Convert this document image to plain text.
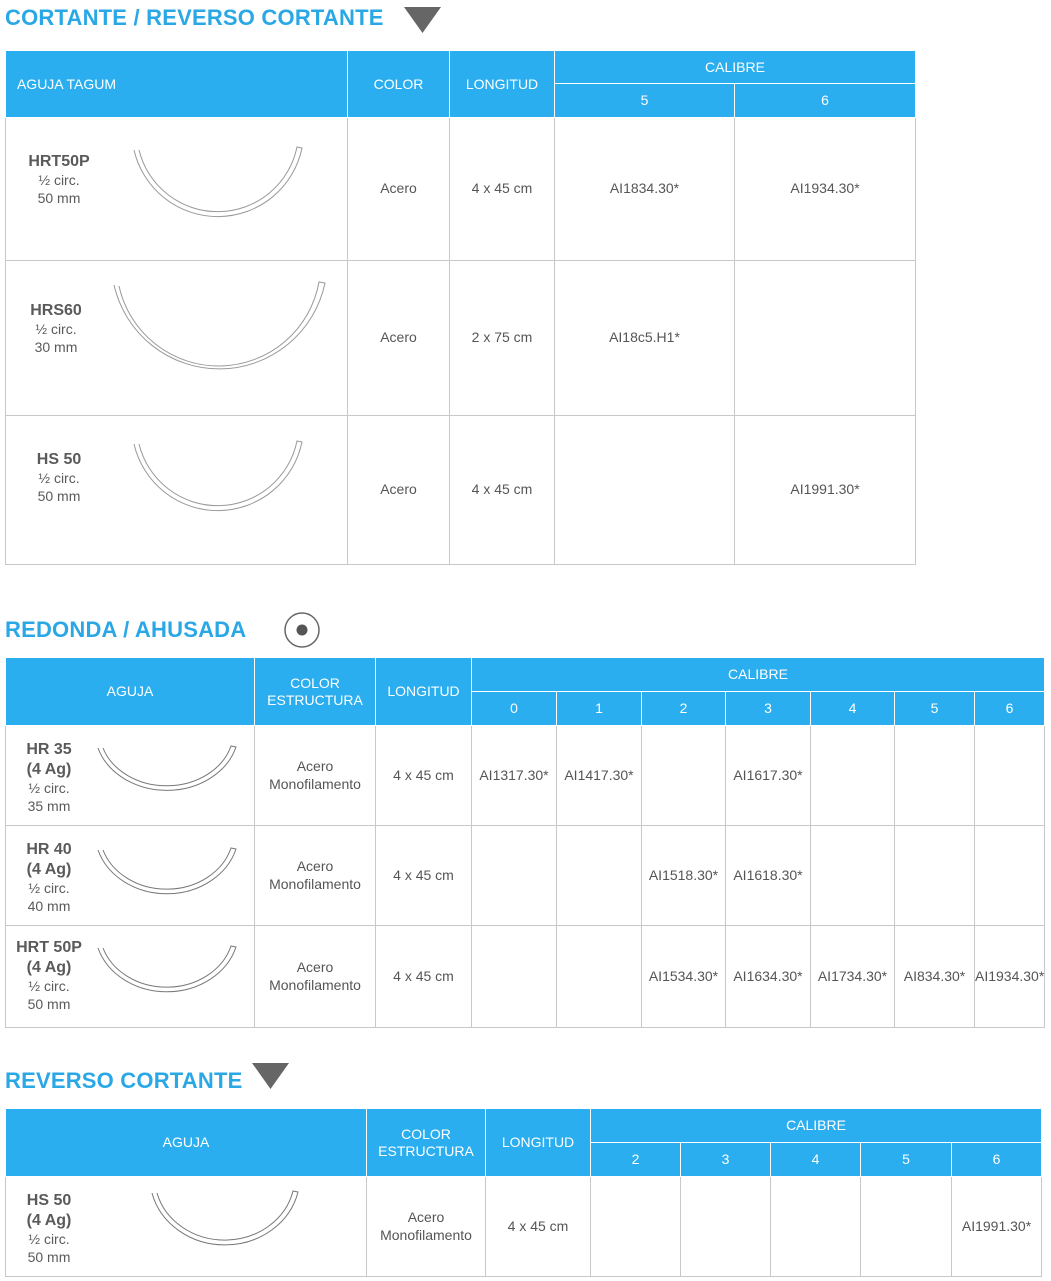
CORTANTE / REVERSO CORTANTE
AGUJA TAGUM	COLOR	LONGITUD	CALIBRE	
			5	6

HRT50P
½ circ.
50 mm	Acero	4 x 45 cm	AI1834.30*	AI1934.30*

HRS60
½ circ.
30 mm	Acero	2 x 75 cm	AI18c5.H1*	

HS 50
½ circ.
50 mm	Acero	4 x 45 cm		AI1991.30*
REDONDA / AHUSADA
AGUJA	COLOR
ESTRUCTURA	LONGITUD	CALIBRE						
			0	1	2	3	4	5	6

HR 35
(4 Ag)
½ circ.
35 mm	Acero
Monofilamento	4 x 45 cm	AI1317.30*	AI1417.30*		AI1617.30*			

HR 40
(4 Ag)
½ circ.
40 mm	Acero
Monofilamento	4 x 45 cm			AI1518.30*	AI1618.30*			

HRT 50P
(4 Ag)
½ circ.
50 mm	Acero
Monofilamento	4 x 45 cm			AI1534.30*	AI1634.30*	AI1734.30*	AI834.30*	AI1934.30*
REVERSO CORTANTE
AGUJA	COLOR
ESTRUCTURA	LONGITUD	CALIBRE				
			2	3	4	5	6

HS 50
(4 Ag)
½ circ.
50 mm	Acero
Monofilamento	4 x 45 cm					AI1991.30*
